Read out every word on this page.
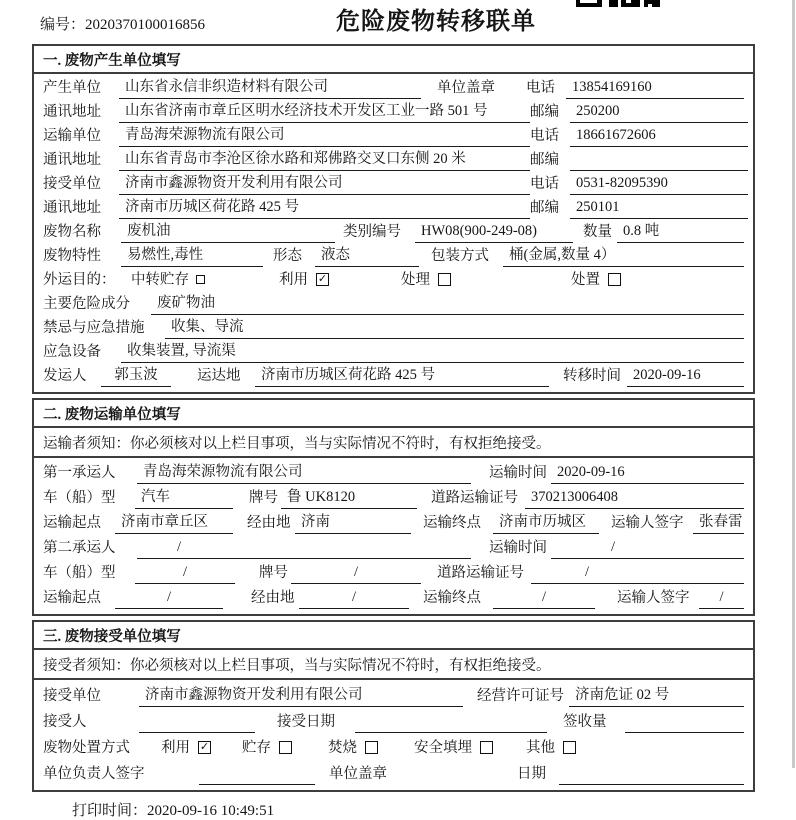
编号：2020370100016856	危险废物转移联单
一. 废物产生单位填写
产生单位	山东省永信非织造材料有限公司	单位盖章 电话	13854169160
通讯地址	山东省济南市章丘区明水经济技术开发区工业一路 501 号	邮编	250200
运输单位	青岛海荣源物流有限公司	电话	18661672606
通讯地址	山东省青岛市李沧区徐水路和郑佛路交叉口东侧 20 米	邮编
接受单位	济南市鑫源物资开发利用有限公司	电话	0531-82095390
通讯地址	济南市历城区荷花路 425 号	邮编	250101
废物名称	废机油	类别编号	HW08(900-249-08)	数量 0.8 吨
废物特性	易燃性,毒性	形态	液态	包装方式	桶(金属,数量 4）
外运目的：	中转贮存	利用 ✓	处理	处置
主要危险成分	废矿物油
禁忌与应急措施	收集、导流
应急设备	收集装置, 导流渠
发运人	郭玉波	运达地	济南市历城区荷花路 425 号	转移时间 2020-09-16
二. 废物运输单位填写
运输者须知：你必须核对以上栏目事项，当与实际情况不符时，有权拒绝接受。
第一承运人	青岛海荣源物流有限公司	运输时间 2020-09-16
车（船）型	汽车	牌号 鲁 UK8120	道路运输证号 370213006408
运输起点	济南市章丘区	经由地 济南	运输终点	济南市历城区	运输人签字	张春雷
第二承运人	/	运输时间	/
车（船）型	/	牌号	/	道路运输证号	/
运输起点	/	经由地	/	运输终点	/	运输人签字	/
三. 废物接受单位填写
接受者须知：你必须核对以上栏目事项，当与实际情况不符时，有权拒绝接受。
接受单位	济南市鑫源物资开发利用有限公司	经营许可证号 济南危证 02 号
接受人	接受日期	签收量
废物处置方式	利用 ✓ 贮存	焚烧	安全填埋	其他
单位负责人签字	单位盖章	日期
打印时间：2020-09-16 10:49:51
